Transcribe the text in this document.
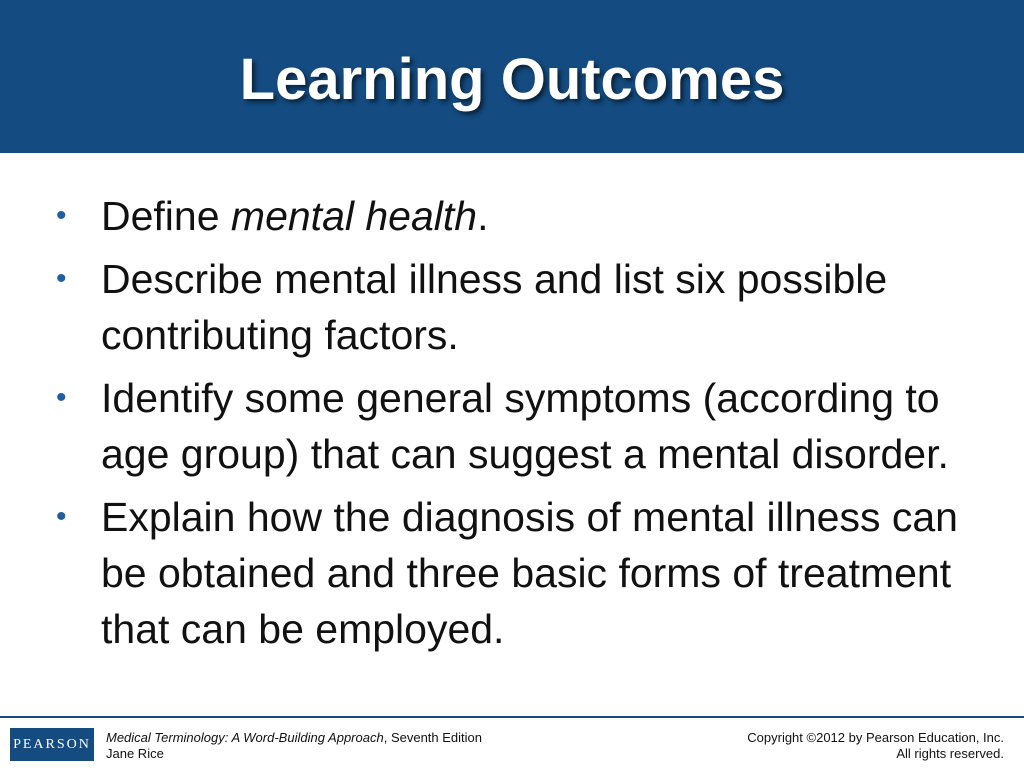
Learning Outcomes
• Define mental health.
• Describe mental illness and list six possible contributing factors.
• Identify some general symptoms (according to age group) that can suggest a mental disorder.
• Explain how the diagnosis of mental illness can be obtained and three basic forms of treatment that can be employed.
PEARSON Medical Terminology: A Word-Building Approach, Seventh Edition
Jane Rice
Copyright ©2012 by Pearson Education, Inc.
All rights reserved.
